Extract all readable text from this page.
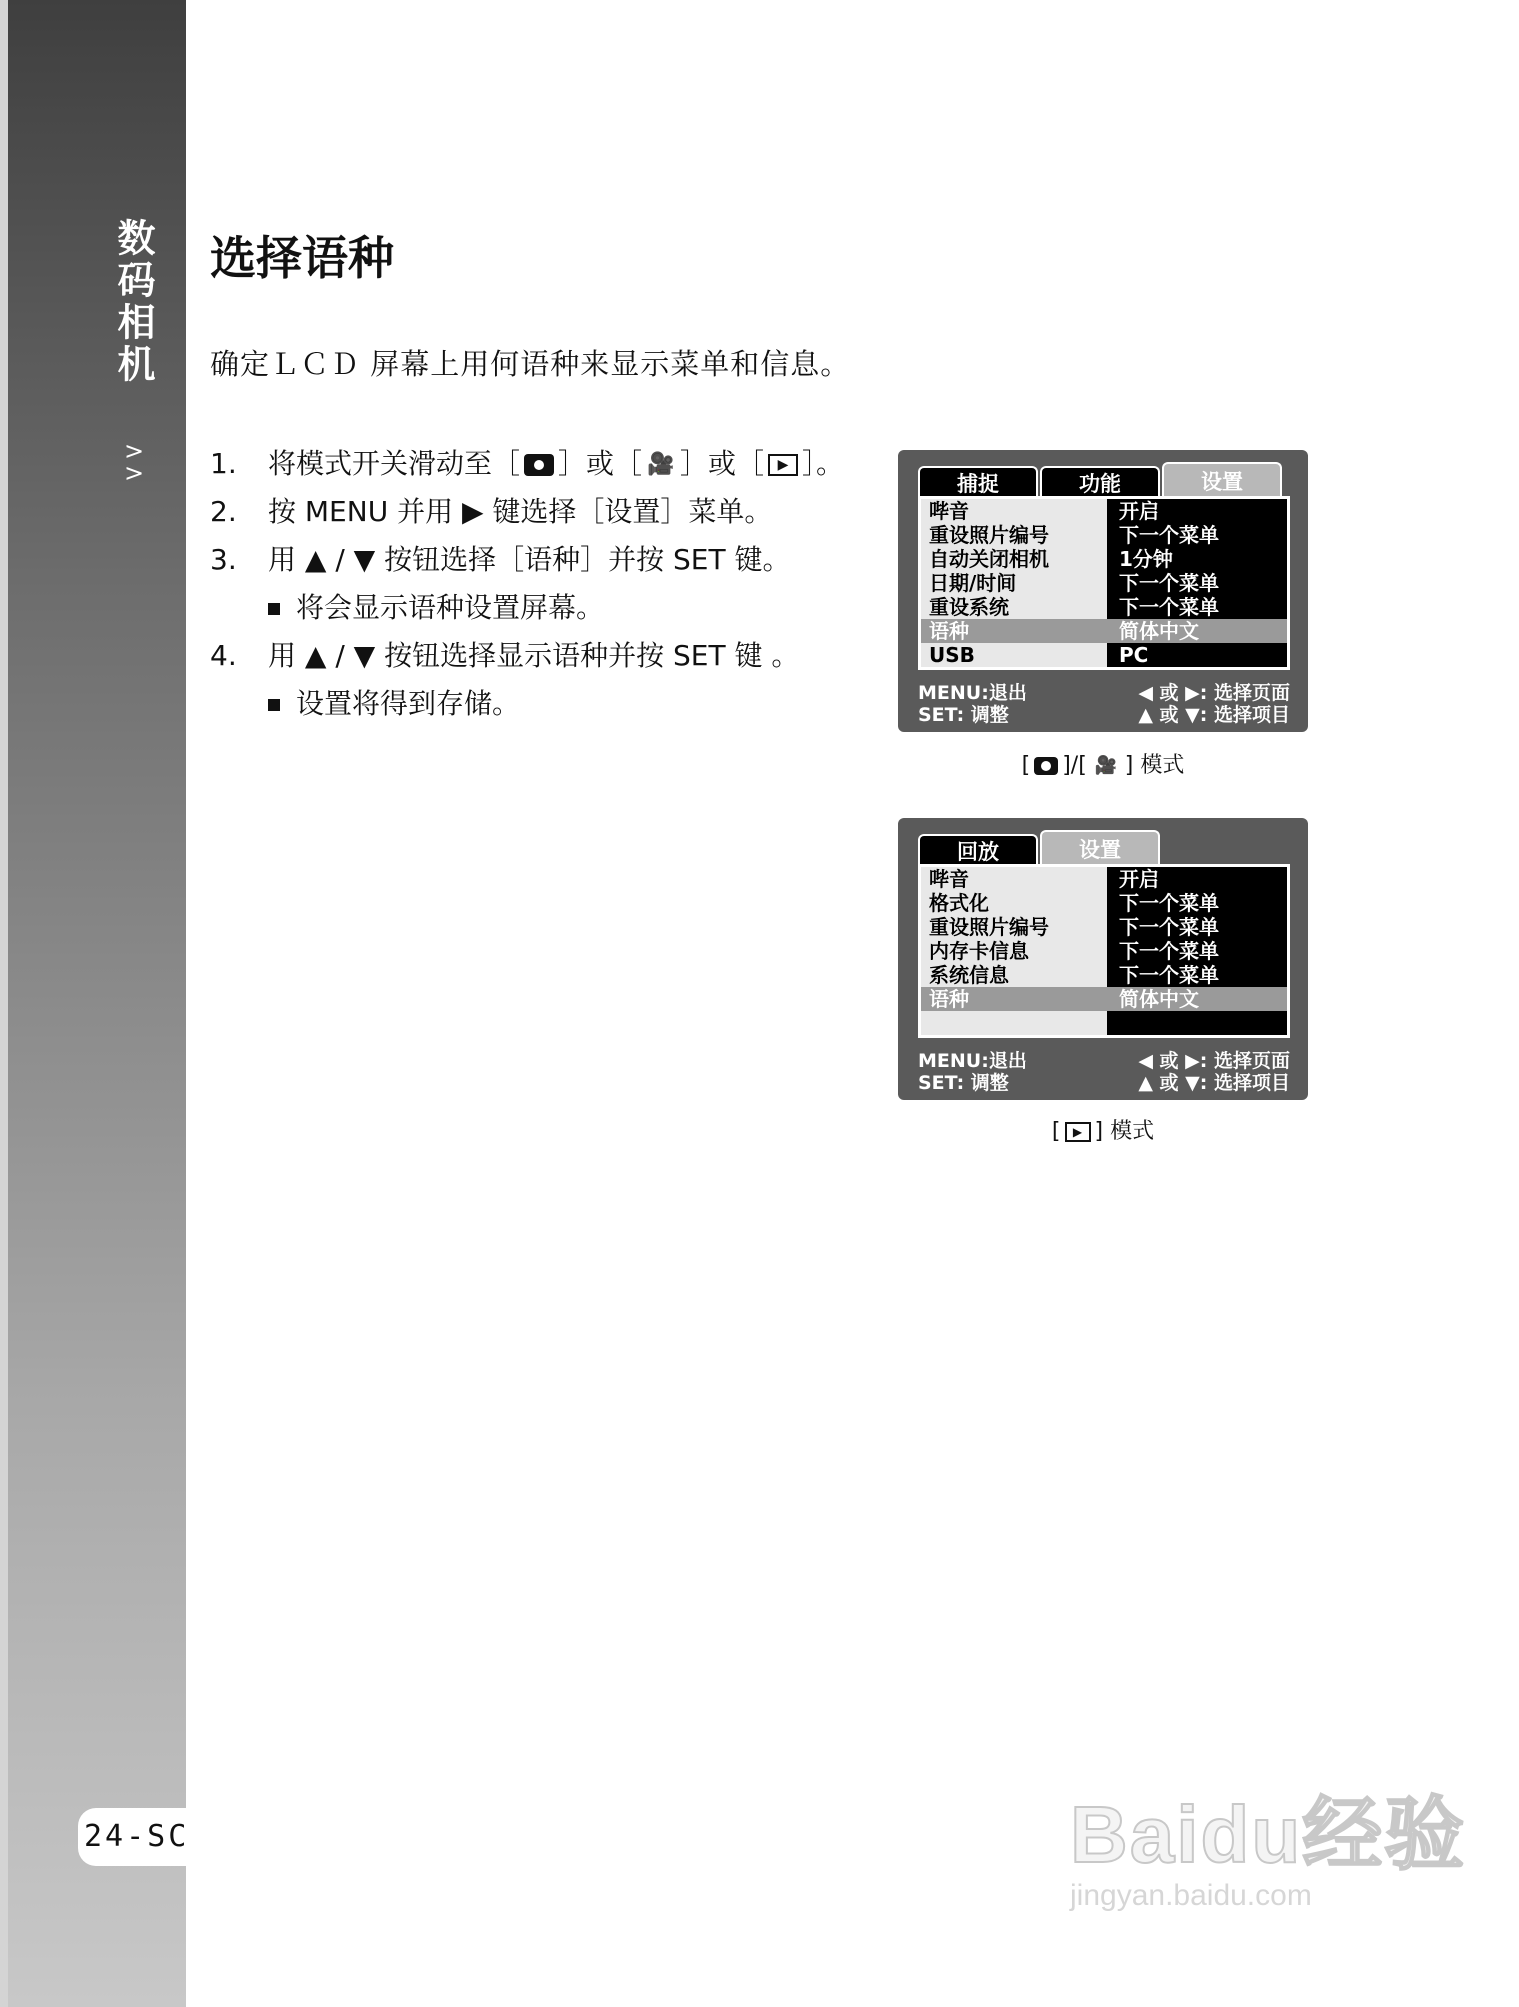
数码相机
>
>
24-SC
选择语种
确定ＬＣＤ 屏幕上用何语种来显示菜单和信息。
1. 将模式开关滑动至［ ］或［ 🎥 ］或［ ▶ ］。
2. 按 MENU 并用 ▶ 键选择［设置］菜单。
3. 用 ▲ / ▼ 按钮选择［语种］并按 SET 键。
将会显示语种设置屏幕。
4. 用 ▲ / ▼ 按钮选择显示语种并按 SET 键 。
设置将得到存储。
捕捉	功能	设置
哔音	开启
重设照片编号	下一个菜单
自动关闭相机	1分钟
日期/时间	下一个菜单
重设系统	下一个菜单
语种	简体中文
USB	PC
MENU:退出
SET: 调整
◀ 或 ▶: 选择页面
▲ 或 ▼: 选择项目
[ ]/[ 🎥 ] 模式
回放	设置
哔音	开启
格式化	下一个菜单
重设照片编号	下一个菜单
内存卡信息	下一个菜单
系统信息	下一个菜单
语种	简体中文
MENU:退出
SET: 调整
◀ 或 ▶: 选择页面
▲ 或 ▼: 选择项目
[ ▶ ] 模式
Baidu经验
jingyan.baidu.com
